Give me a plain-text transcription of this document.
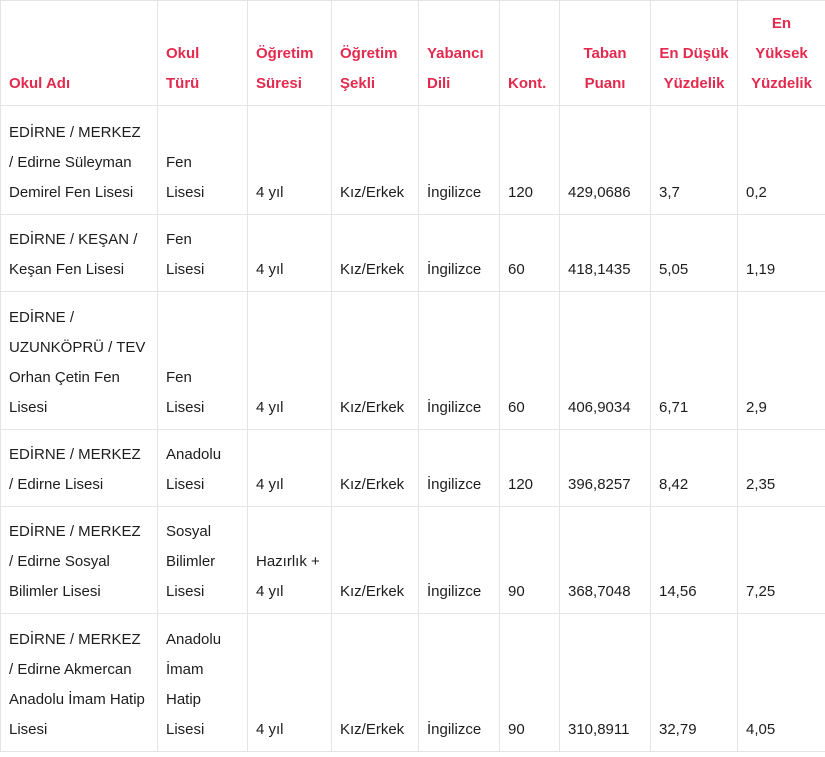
Okul Adı	Okul Türü	Öğretim Süresi	Öğretim Şekli	Yabancı Dili	Kont.	Taban Puanı	En Düşük Yüzdelik	En Yüksek Yüzdelik
EDİRNE / MERKEZ / Edirne Süleyman Demirel Fen Lisesi	Fen Lisesi	4 yıl	Kız/Erkek	İngilizce	120	429,0686	3,7	0,2
EDİRNE / KEŞAN / Keşan Fen Lisesi	Fen Lisesi	4 yıl	Kız/Erkek	İngilizce	60	418,1435	5,05	1,19
EDİRNE / UZUNKÖPRÜ / TEV Orhan Çetin Fen Lisesi	Fen Lisesi	4 yıl	Kız/Erkek	İngilizce	60	406,9034	6,71	2,9
EDİRNE / MERKEZ / Edirne Lisesi	Anadolu Lisesi	4 yıl	Kız/Erkek	İngilizce	120	396,8257	8,42	2,35
EDİRNE / MERKEZ / Edirne Sosyal Bilimler Lisesi	Sosyal Bilimler Lisesi	Hazırlık + 4 yıl	Kız/Erkek	İngilizce	90	368,7048	14,56	7,25
EDİRNE / MERKEZ / Edirne Akmercan Anadolu İmam Hatip Lisesi	Anadolu İmam Hatip Lisesi	4 yıl	Kız/Erkek	İngilizce	90	310,8911	32,79	4,05
